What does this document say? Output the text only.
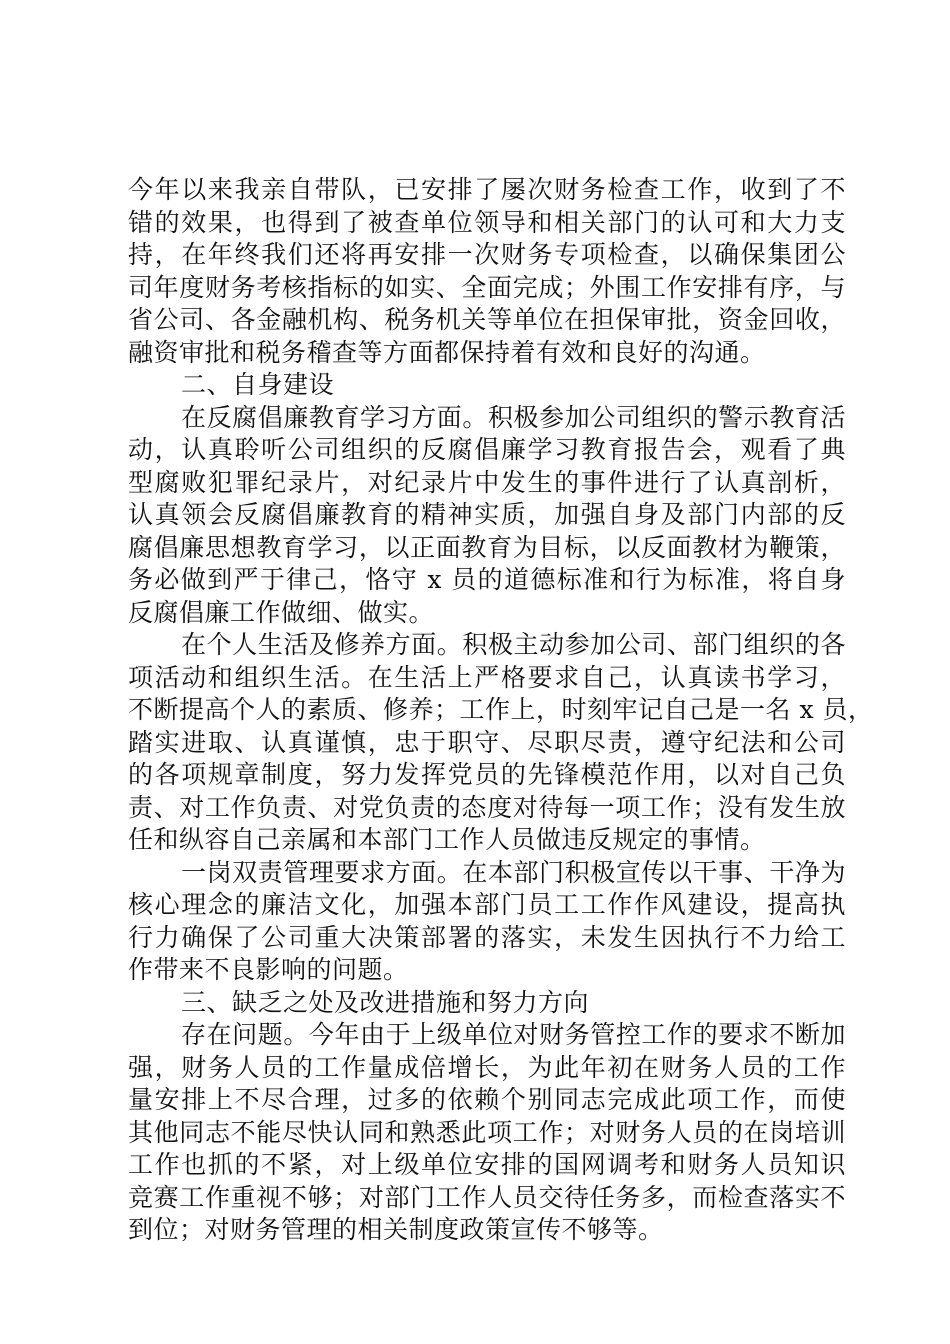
今年以来我亲自带队，已安排了屡次财务检查工作，收到了不
错的效果，也得到了被查单位领导和相关部门的认可和大力支
持，在年终我们还将再安排一次财务专项检查，以确保集团公
司年度财务考核指标的如实、全面完成；外围工作安排有序，与
省公司、各金融机构、税务机关等单位在担保审批，资金回收，
融资审批和税务稽查等方面都保持着有效和良好的沟通。
二、自身建设
在反腐倡廉教育学习方面。积极参加公司组织的警示教育活
动，认真聆听公司组织的反腐倡廉学习教育报告会，观看了典
型腐败犯罪纪录片，对纪录片中发生的事件进行了认真剖析，
认真领会反腐倡廉教育的精神实质，加强自身及部门内部的反
腐倡廉思想教育学习，以正面教育为目标，以反面教材为鞭策，
务必做到严于律己，恪守 x 员的道德标准和行为标准，将自身
反腐倡廉工作做细、做实。
在个人生活及修养方面。积极主动参加公司、部门组织的各
项活动和组织生活。在生活上严格要求自己，认真读书学习，
不断提高个人的素质、修养；工作上，时刻牢记自己是一名 x 员，
踏实进取、认真谨慎，忠于职守、尽职尽责，遵守纪法和公司
的各项规章制度，努力发挥党员的先锋模范作用，以对自己负
责、对工作负责、对党负责的态度对待每一项工作；没有发生放
任和纵容自己亲属和本部门工作人员做违反规定的事情。
一岗双责管理要求方面。在本部门积极宣传以干事、干净为
核心理念的廉洁文化，加强本部门员工工作作风建设，提高执
行力确保了公司重大决策部署的落实，未发生因执行不力给工
作带来不良影响的问题。
三、缺乏之处及改进措施和努力方向
存在问题。今年由于上级单位对财务管控工作的要求不断加
强，财务人员的工作量成倍增长，为此年初在财务人员的工作
量安排上不尽合理，过多的依赖个别同志完成此项工作，而使
其他同志不能尽快认同和熟悉此项工作；对财务人员的在岗培训
工作也抓的不紧，对上级单位安排的国网调考和财务人员知识
竞赛工作重视不够；对部门工作人员交待任务多，而检查落实不
到位；对财务管理的相关制度政策宣传不够等。
